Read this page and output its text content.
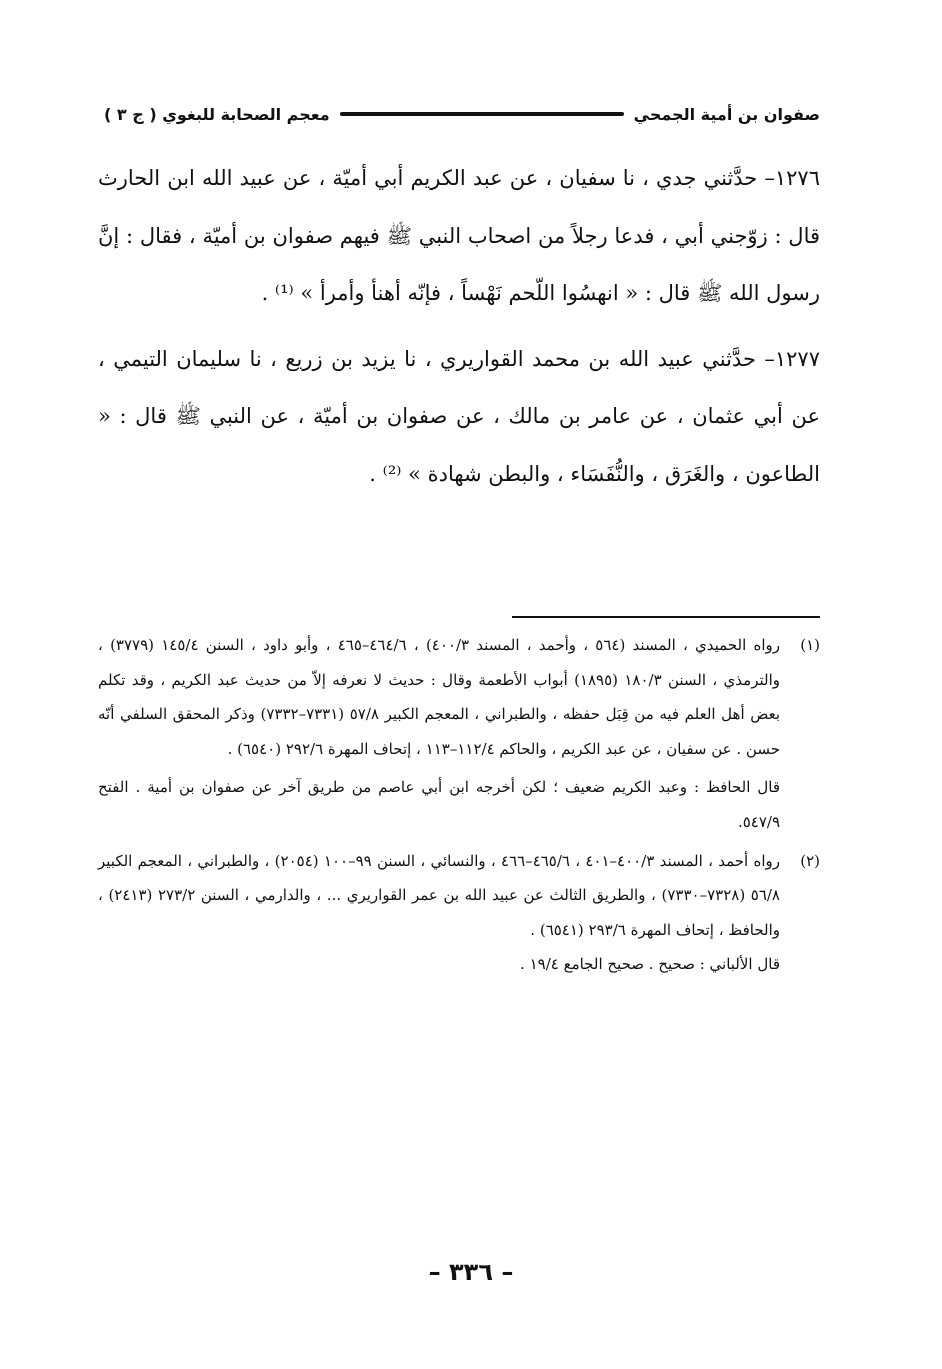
صفوان بن أمية الجمحي
معجم الصحابة للبغوي ( ج ٣ )

١٢٧٦– حدَّثني جدي ، نا سفيان ، عن عبد الكريم أبي أميّة ، عن عبيد الله ابن الحارث قال : زوّجني أبي ، فدعا رجلاً من اصحاب النبي ﷺ فيهم صفوان بن أميّة ، فقال : إنَّ رسول الله ﷺ قال : « انهسُوا اللّحم نَهْساً ، فإنّه أهنأ وأمرأ » ⁽¹⁾ .

١٢٧٧– حدَّثني عبيد الله بن محمد القواريري ، نا يزيد بن زريع ، نا سليمان التيمي ، عن أبي عثمان ، عن عامر بن مالك ، عن صفوان بن أميّة ، عن النبي ﷺ قال : « الطاعون ، والغَرَق ، والنُّفَسَاء ، والبطن شهادة » ⁽²⁾ .

(١)
رواه الحميدي ، المسند (٥٦٤ ، وأحمد ، المسند ٤٠٠/٣) ، ٤٦٤/٦–٤٦٥ ، وأبو داود ، السنن ١٤٥/٤ (٣٧٧٩) ، والترمذي ، السنن ١٨٠/٣ (١٨٩٥) أبواب الأطعمة وقال : حديث لا نعرفه إلاّ من حديث عبد الكريم ، وقد تكلم بعض أهل العلم فيه من قِبَل حفظه ، والطبراني ، المعجم الكبير ٥٧/٨ (٧٣٣١–٧٣٣٢) وذكر المحقق السلفي أنّه حسن . عن سفيان ، عن عبد الكريم ، والحاكم ١١٢/٤–١١٣ ، إتحاف المهرة ٢٩٢/٦ (٦٥٤٠) .

قال الحافظ : وعبد الكريم ضعيف ؛ لكن أخرجه ابن أبي عاصم من طريق آخر عن صفوان بن أمية . الفتح ٥٤٧/٩.

(٢)
رواه أحمد ، المسند ٤٠٠/٣–٤٠١ ، ٤٦٥/٦–٤٦٦ ، والنسائي ، السنن ٩٩–١٠٠ (٢٠٥٤) ، والطبراني ، المعجم الكبير ٥٦/٨ (٧٣٢٨–٧٣٣٠) ، والطريق الثالث عن عبيد الله بن عمر القواريري ... ، والدارمي ، السنن ٢٧٣/٢ (٢٤١٣) ، والحافظ ، إتحاف المهرة ٢٩٣/٦ (٦٥٤١) .

قال الألباني : صحيح . صحيح الجامع ١٩/٤ .

– ٣٣٦ –
